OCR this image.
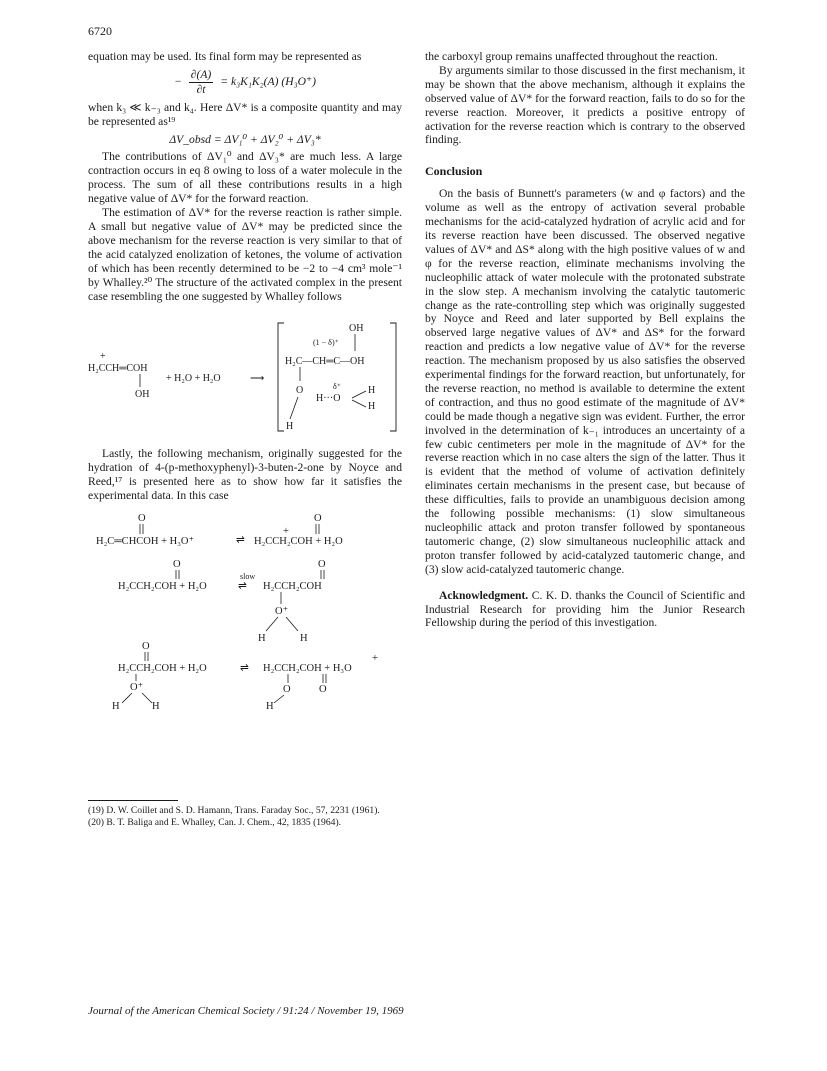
6720

equation may be used. Its final form may be represented as

− $\frac{\partial(A)}{\partial t} = k_3K_1K_2(A)$ (H₃O⁺)

when k₃ ≪ k₋₃ and k₄. Here ΔV* is a composite quantity and may be represented as¹⁹

ΔV_obsd = ΔV₁⁰ + ΔV₂⁰ + ΔV₃*

The contributions of ΔV₁⁰ and ΔV₃* are much less. A large contraction occurs in eq 8 owing to loss of a water molecule in the process. The sum of all these contributions results in a high negative value of ΔV* for the forward reaction.

The estimation of ΔV* for the reverse reaction is rather simple. A small but negative value of ΔV* may be predicted since the above mechanism for the reverse reaction is very similar to that of the acid catalyzed enolization of ketones, the volume of activation of which has been recently determined to be −2 to −4 cm³ mole⁻¹ by Whalley.²⁰ The structure of the activated complex in the present case resembling the one suggested by Whalley follows

+
H₂CCH═COH
OH
+ H₂O + H₂O	⟶
(1 − δ)⁺
OH
H₂C—CH═C—OH
δ⁺
O
H···O
H
H
H

Lastly, the following mechanism, originally suggested for the hydration of 4-(p-methoxyphenyl)-3-buten-2-one by Noyce and Reed,¹⁷ is presented here as to show how far it satisfies the experimental data. In this case

O
H₂C═CHCOH + H₃O⁺	⇌
+
O
H₂CCH₂COH + H₂O
O
H₂CCH₂COH + H₂O
slow
⇌
O
H₂CCH₂COH
O⁺
H	H
O
H₂CCH₂COH + H₂O
O⁺
H	H
⇌ H₂CCH₂COH + H₃O
+
O
H
O

(19) D. W. Coillet and S. D. Hamann, Trans. Faraday Soc., 57, 2231 (1961).

(20) B. T. Baliga and E. Whalley, Can. J. Chem., 42, 1835 (1964).

the carboxyl group remains unaffected throughout the reaction.

By arguments similar to those discussed in the first mechanism, it may be shown that the above mechanism, although it explains the observed value of ΔV* for the forward reaction, fails to do so for the reverse reaction. Moreover, it predicts a positive entropy of activation for the reverse reaction which is contrary to the observed finding.

Conclusion

On the basis of Bunnett's parameters (w and φ factors) and the volume as well as the entropy of activation several probable mechanisms for the acid-catalyzed hydration of acrylic acid and for its reverse reaction have been discussed. The observed negative values of ΔV* and ΔS* along with the high positive values of w and φ for the reverse reaction, eliminate mechanisms involving the nucleophilic attack of water molecule with the protonated substrate in the slow step. A mechanism involving the catalytic tautomeric change as the rate-controlling step which was originally suggested by Noyce and Reed and later supported by Bell explains the observed large negative values of ΔV* and ΔS* for the forward reaction and predicts a low negative value of ΔV* for the reverse reaction. The mechanism proposed by us also satisfies the observed experimental findings for the forward reaction, but unfortunately, for the reverse reaction, no method is available to determine the extent of contraction, and thus no good estimate of the magnitude of ΔV* could be made though a negative sign was evident. Further, the error involved in the determination of k₋₁ introduces an uncertainty of a few cubic centimeters per mole in the magnitude of ΔV* for the reverse reaction which in no case alters the sign of the latter. Thus it is evident that the method of volume of activation definitely eliminates certain mechanisms in the present case, but because of these difficulties, fails to provide an unambiguous decision among the following possible mechanisms: (1) slow simultaneous nucleophilic attack and proton transfer followed by spontaneous tautomeric change, (2) slow simultaneous nucleophilic attack and proton transfer followed by acid-catalyzed tautomeric change, and (3) slow acid-catalyzed tautomeric change.

Acknowledgment. C. K. D. thanks the Council of Scientific and Industrial Research for providing him the Junior Research Fellowship during the period of this investigation.

Journal of the American Chemical Society / 91:24 / November 19, 1969
